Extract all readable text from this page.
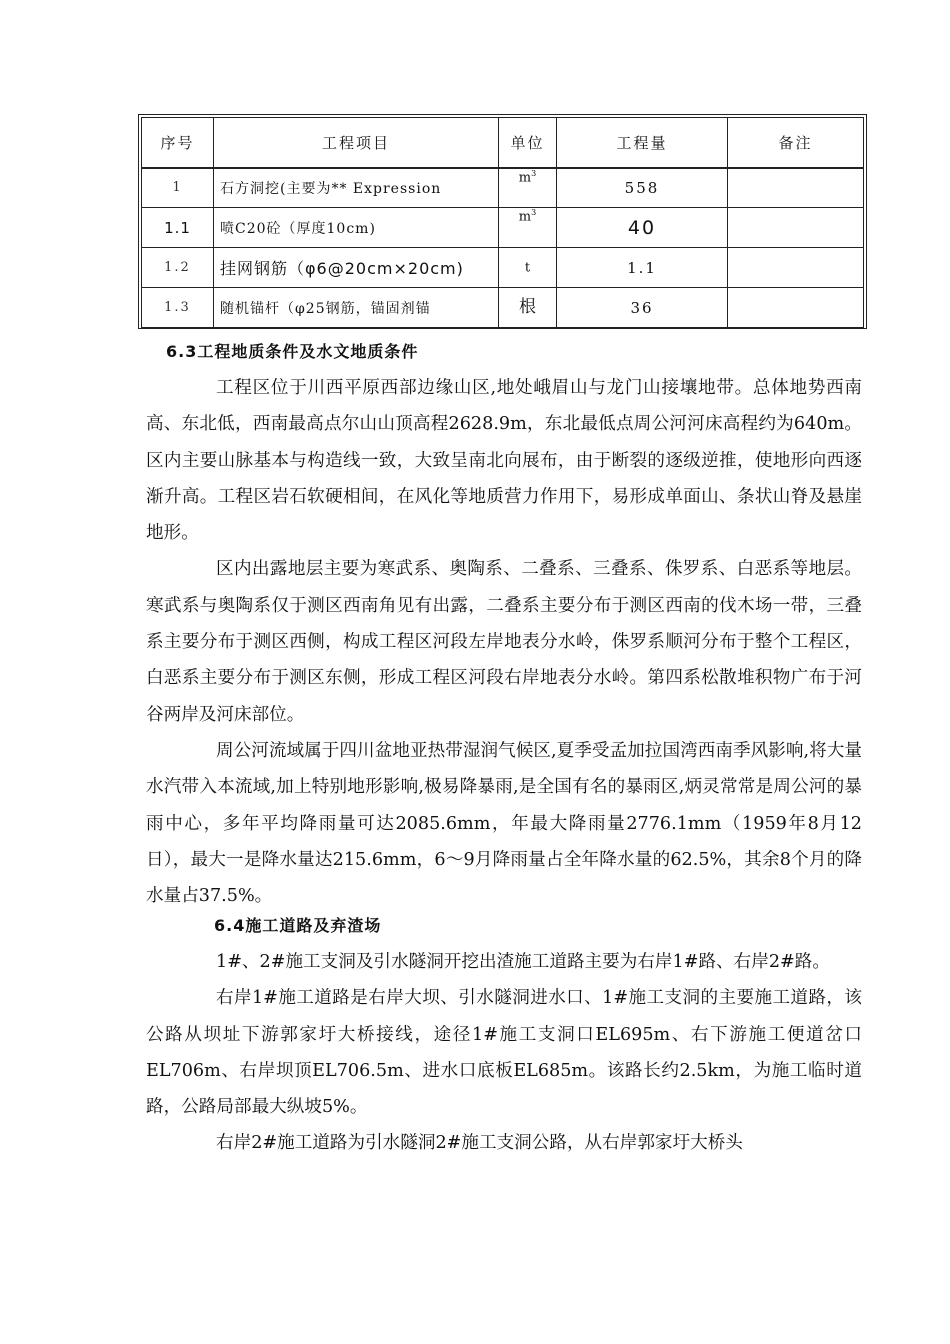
序号	工程项目	单位	工程量	备注
1	石方洞挖(主要为** Expression	$m^3$	558	
1.1	喷C20砼（厚度10cm)	$m^3$	40	
1.2	挂网钢筋（φ6@20cm×20cm)	t	1.1	
1.3	随机锚杆（φ25钢筋，锚固剂锚	根	36	
6.3工程地质条件及水文地质条件

工程区位于川西平原西部边缘山区,地处峨眉山与龙门山接壤地带。总体地势西南高、东北低，西南最高点尔山山顶高程2628.9m，东北最低点周公河河床高程约为640m。区内主要山脉基本与构造线一致，大致呈南北向展布，由于断裂的逐级逆推，使地形向西逐渐升高。工程区岩石软硬相间，在风化等地质营力作用下，易形成单面山、条状山脊及悬崖地形。

区内出露地层主要为寒武系、奥陶系、二叠系、三叠系、侏罗系、白恶系等地层。寒武系与奥陶系仅于测区西南角见有出露，二叠系主要分布于测区西南的伐木场一带，三叠系主要分布于测区西侧，构成工程区河段左岸地表分水岭，侏罗系顺河分布于整个工程区，白恶系主要分布于测区东侧，形成工程区河段右岸地表分水岭。第四系松散堆积物广布于河谷两岸及河床部位。

周公河流域属于四川盆地亚热带湿润气候区,夏季受孟加拉国湾西南季风影响,将大量水汽带入本流域,加上特别地形影响,极易降暴雨,是全国有名的暴雨区,炳灵常常是周公河的暴雨中心，多年平均降雨量可达2085.6mm，年最大降雨量2776.1mm（1959年8月12日），最大一是降水量达215.6mm，6～9月降雨量占全年降水量的62.5%，其余8个月的降水量占37.5%。

6.4施工道路及弃渣场

1#、2#施工支洞及引水隧洞开挖出渣施工道路主要为右岸1#路、右岸2#路。

右岸1#施工道路是右岸大坝、引水隧洞进水口、1#施工支洞的主要施工道路，该公路从坝址下游郭家圩大桥接线，途径1#施工支洞口EL695m、右下游施工便道岔口EL706m、右岸坝顶EL706.5m、进水口底板EL685m。该路长约2.5km，为施工临时道路，公路局部最大纵坡5%。

右岸2#施工道路为引水隧洞2#施工支洞公路，从右岸郭家圩大桥头
